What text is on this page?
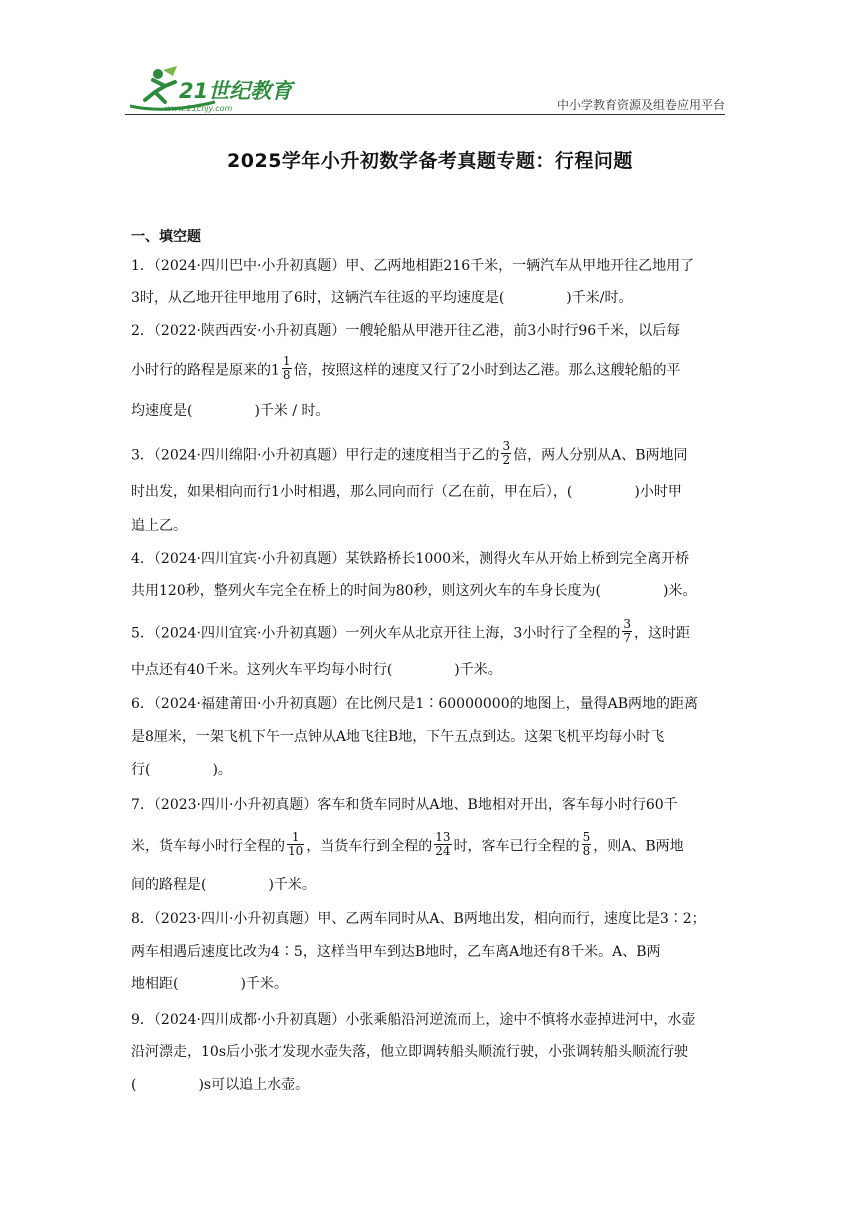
21世纪教育
www.21cnjy.com	中小学教育资源及组卷应用平台
2025学年小升初数学备考真题专题：行程问题
一、填空题
1．（2024·四川巴中·小升初真题）甲、乙两地相距216千米，一辆汽车从甲地开往乙地用了
3时，从乙地开往甲地用了6时，这辆汽车往返的平均速度是(	)千米/时。
2．（2022·陕西西安·小升初真题）一艘轮船从甲港开往乙港，前3小时行96千米，以后每
小时行的路程是原来的$1 \frac{1}{8}$ 倍，按照这样的速度又行了2小时到达乙港。那么这艘轮船的平
均速度是(	)千米 / 时。
3．（2024·四川绵阳·小升初真题）甲行走的速度相当于乙的 $\frac{3}{2}$ 倍，两人分别从A、B两地同
时出发，如果相向而行1小时相遇，那么同向而行（乙在前，甲在后），(	)小时甲
追上乙。
4．（2024·四川宜宾·小升初真题）某铁路桥长1000米，测得火车从开始上桥到完全离开桥
共用120秒，整列火车完全在桥上的时间为80秒，则这列火车的车身长度为(	)米。
5．（2024·四川宜宾·小升初真题）一列火车从北京开往上海，3小时行了全程的 $\frac{3}{7}$ ，这时距
中点还有40千米。这列火车平均每小时行(	)千米。
6．（2024·福建莆田·小升初真题）在比例尺是1∶60000000的地图上，量得AB两地的距离
是8厘米，一架飞机下午一点钟从A地飞往B地，下午五点到达。这架飞机平均每小时飞
行(	)。
7．（2023·四川·小升初真题）客车和货车同时从A地、B地相对开出，客车每小时行60千
米，货车每小时行全程的 $\frac{1}{10}$ ，当货车行到全程的 $\frac{13}{24}$ 时，客车已行全程的 $\frac{5}{8}$ ，则A、B两地
间的路程是(	)千米。
8．（2023·四川·小升初真题）甲、乙两车同时从A、B两地出发，相向而行，速度比是3∶2；
两车相遇后速度比改为4∶5，这样当甲车到达B地时，乙车离A地还有8千米。A、B两
地相距(	)千米。
9．（2024·四川成都·小升初真题）小张乘船沿河逆流而上，途中不慎将水壶掉进河中，水壶
沿河漂走，10s后小张才发现水壶失落，他立即调转船头顺流行驶，小张调转船头顺流行驶
(	)s可以追上水壶。
